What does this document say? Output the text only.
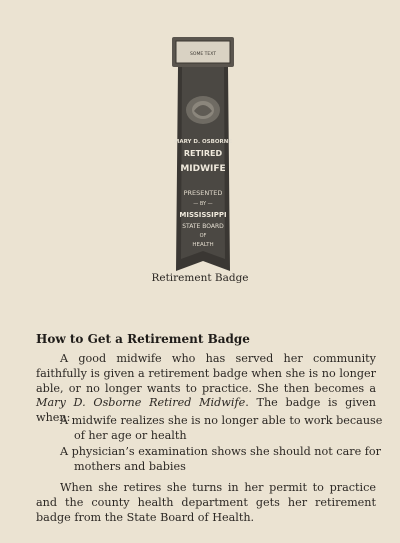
SOME TEXT
MARY D. OSBORNE
RETIRED
MIDWIFE
PRESENTED
— BY —
MISSISSIPPI
STATE BOARD
OF
HEALTH
Retirement Badge
How to Get a Retirement Badge

A good midwife who has served her community faithfully is given a retirement badge when she is no longer able, or no longer wants to practice. She then becomes a Mary D. Osborne Retired Midwife. The badge is given when:

A midwife realizes she is no longer able to work because of her age or health

A physician’s examination shows she should not care for mothers and babies

When she retires she turns in her permit to practice and the county health department gets her retirement badge from the State Board of Health.
